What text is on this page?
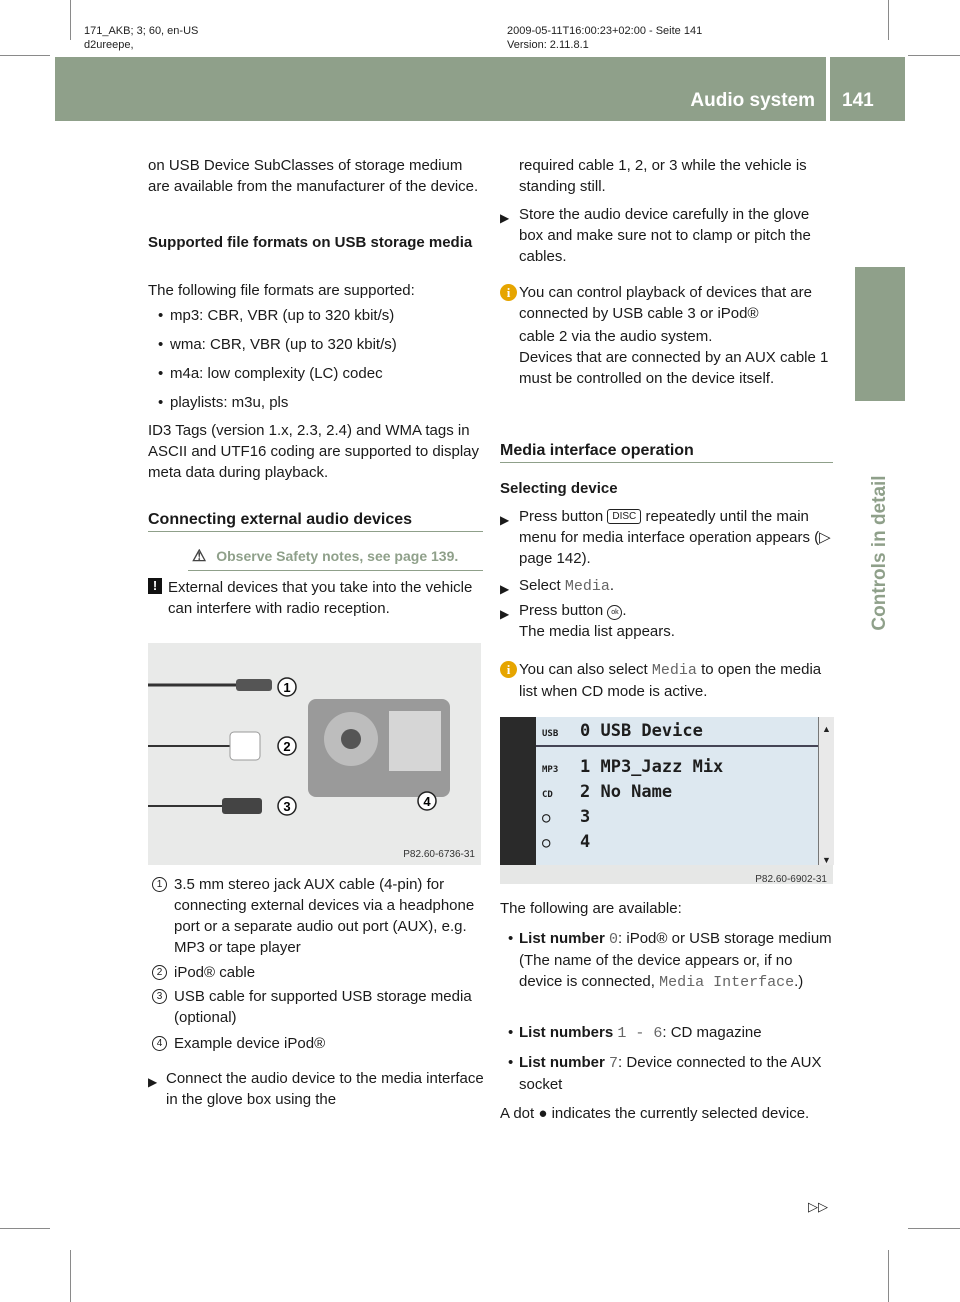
171_AKB; 3; 60, en-US
d2ureepe,
2009-05-11T16:00:23+02:00 - Seite 141
Version: 2.11.8.1
Audio system 141
Controls in detail

on USB Device SubClasses of storage medium are available from the manufacturer of the device.

Supported file formats on USB storage media

The following file formats are supported:

• mp3: CBR, VBR (up to 320 kbit/s)
• wma: CBR, VBR (up to 320 kbit/s)
• m4a: low complexity (LC) codec
• playlists: m3u, pls

ID3 Tags (version 1.x, 2.3, 2.4) and WMA tags in ASCII and UTF16 coding are supported to display meta data during playback.

Connecting external audio devices

⚠ Observe Safety notes, see page 139.
! External devices that you take into the vehicle can interfere with radio reception.

1
2
3	4
P82.60-6736-31
1 3.5 mm stereo jack AUX cable (4-pin) for connecting external devices via a headphone port or a separate audio out port (AUX), e.g. MP3 or tape player
2 iPod® cable
3 USB cable for supported USB storage media (optional)
4 Example device iPod®
▶ Connect the audio device to the media interface in the glove box using the

required cable 1, 2, or 3 while the vehicle is standing still.

▶ Store the audio device carefully in the glove box and make sure not to clamp or pitch the cables.

i You can control playback of devices that are connected by USB cable 3 or iPod®
cable 2 via the audio system.
Devices that are connected by an AUX cable 1 must be controlled on the device itself.

Media interface operation

Selecting device

▶ Press button DISC repeatedly until the main menu for media interface operation appears (▷ page 142).
▶ Select Media.
▶ Press button ok .
The media list appears.
i You can also select Media to open the media list when CD mode is active.
▲
▼
USB 0 USB Device
MP3 1 MP3_Jazz Mix
CD 2 No Name
○ 3
○ 4
P82.60-6902-31

The following are available:

• List number 0: iPod® or USB storage medium (The name of the device appears or, if no device is connected, Media Interface.)
• List numbers 1 - 6: CD magazine
• List number 7: Device connected to the AUX socket

A dot ● indicates the currently selected device.

▷▷
